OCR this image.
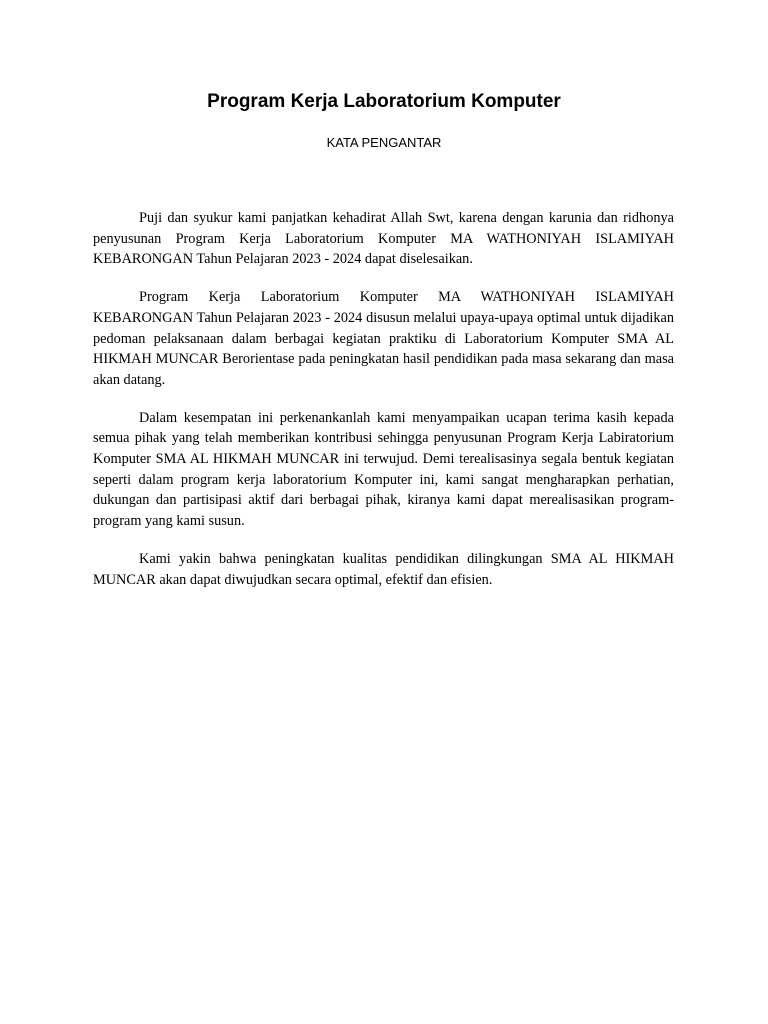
Program Kerja Laboratorium Komputer
KATA PENGANTAR

Puji dan syukur kami panjatkan kehadirat Allah Swt, karena dengan karunia dan ridhonya penyusunan Program Kerja Laboratorium Komputer MA WATHONIYAH ISLAMIYAH KEBARONGAN Tahun Pelajaran 2023 - 2024 dapat diselesaikan.

Program Kerja Laboratorium Komputer MA WATHONIYAH ISLAMIYAH KEBARONGAN Tahun Pelajaran 2023 - 2024 disusun melalui upaya-upaya optimal untuk dijadikan pedoman pelaksanaan dalam berbagai kegiatan praktiku di Laboratorium Komputer SMA AL HIKMAH MUNCAR Berorientase pada peningkatan hasil pendidikan pada masa sekarang dan masa akan datang.

Dalam kesempatan ini perkenankanlah kami menyampaikan ucapan terima kasih kepada semua pihak yang telah memberikan kontribusi sehingga penyusunan Program Kerja Labiratorium Komputer SMA AL HIKMAH MUNCAR ini terwujud. Demi terealisasinya segala bentuk kegiatan seperti dalam program kerja laboratorium Komputer ini, kami sangat mengharapkan perhatian, dukungan dan partisipasi aktif dari berbagai pihak, kiranya kami dapat merealisasikan program-program yang kami susun.

Kami yakin bahwa peningkatan kualitas pendidikan dilingkungan SMA AL HIKMAH MUNCAR akan dapat diwujudkan secara optimal, efektif dan efisien.
